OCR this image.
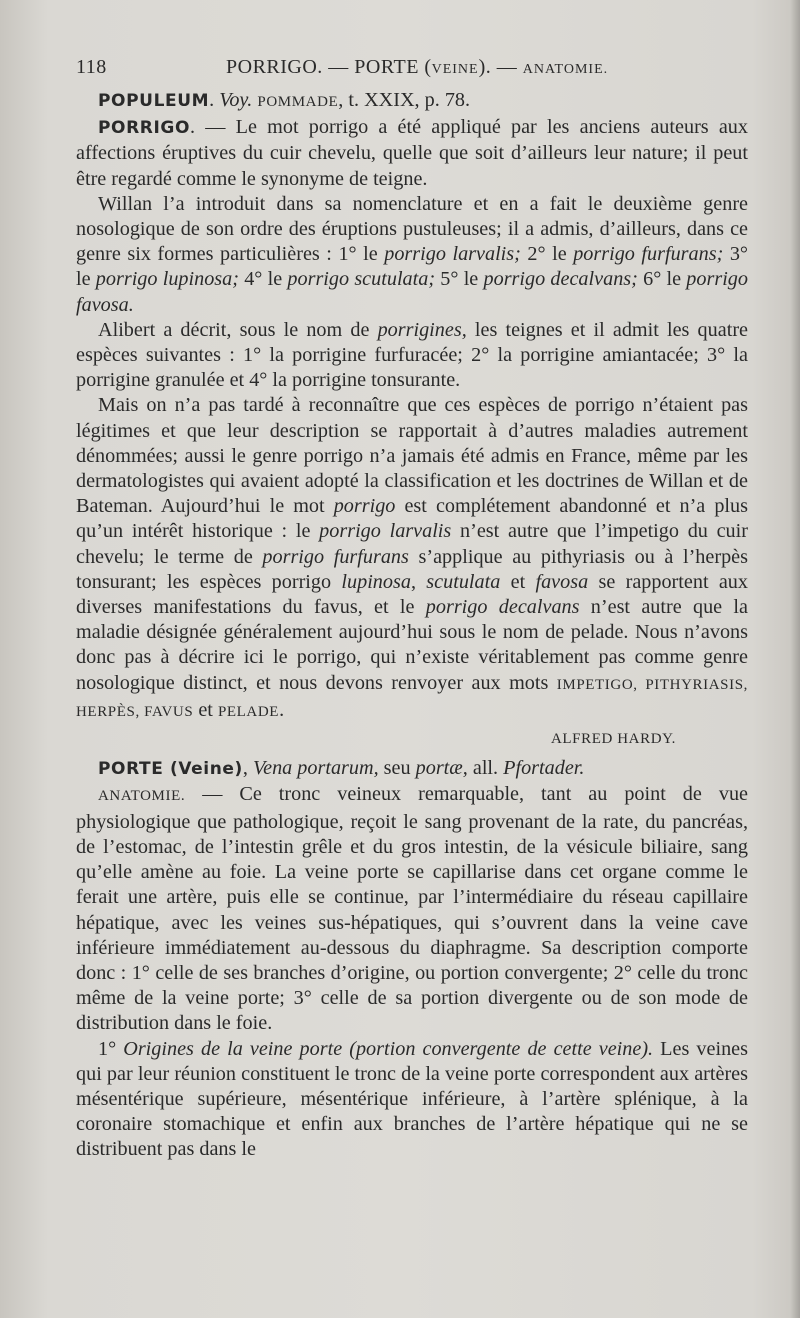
118	PORRIGO. — PORTE (VEINE). — ANATOMIE.

POPULEUM. Voy. POMMADE, t. XXIX, p. 78.

PORRIGO. — Le mot porrigo a été appliqué par les anciens auteurs aux affections éruptives du cuir chevelu, quelle que soit d’ailleurs leur nature; il peut être regardé comme le synonyme de teigne.

Willan l’a introduit dans sa nomenclature et en a fait le deuxième genre nosologique de son ordre des éruptions pustuleuses; il a admis, d’ailleurs, dans ce genre six formes particulières : 1° le porrigo larvalis; 2° le porrigo furfurans; 3° le porrigo lupinosa; 4° le porrigo scutulata; 5° le porrigo decalvans; 6° le porrigo favosa.

Alibert a décrit, sous le nom de porrigines, les teignes et il admit les quatre espèces suivantes : 1° la porrigine furfuracée; 2° la porrigine amiantacée; 3° la porrigine granulée et 4° la porrigine tonsurante.

Mais on n’a pas tardé à reconnaître que ces espèces de porrigo n’étaient pas légitimes et que leur description se rapportait à d’autres maladies autrement dénommées; aussi le genre porrigo n’a jamais été admis en France, même par les dermatologistes qui avaient adopté la classification et les doctrines de Willan et de Bateman. Aujourd’hui le mot porrigo est complétement abandonné et n’a plus qu’un intérêt historique : le porrigo larvalis n’est autre que l’impetigo du cuir chevelu; le terme de porrigo furfurans s’applique au pithyriasis ou à l’herpès tonsurant; les espèces porrigo lupinosa, scutulata et favosa se rapportent aux diverses manifestations du favus, et le porrigo decalvans n’est autre que la maladie désignée généralement aujourd’hui sous le nom de pelade. Nous n’avons donc pas à décrire ici le porrigo, qui n’existe véritablement pas comme genre nosologique distinct, et nous devons renvoyer aux mots IMPETIGO, PITHYRIASIS, HERPÈS, FAVUS et PELADE.

ALFRED HARDY.

PORTE (Veine), Vena portarum, seu portæ, all. Pfortader.

ANATOMIE. — Ce tronc veineux remarquable, tant au point de vue physiologique que pathologique, reçoit le sang provenant de la rate, du pancréas, de l’estomac, de l’intestin grêle et du gros intestin, de la vésicule biliaire, sang qu’elle amène au foie. La veine porte se capillarise dans cet organe comme le ferait une artère, puis elle se continue, par l’intermédiaire du réseau capillaire hépatique, avec les veines sus-hépatiques, qui s’ouvrent dans la veine cave inférieure immédiatement au-dessous du diaphragme. Sa description comporte donc : 1° celle de ses branches d’origine, ou portion convergente; 2° celle du tronc même de la veine porte; 3° celle de sa portion divergente ou de son mode de distribution dans le foie.

1° Origines de la veine porte (portion convergente de cette veine). Les veines qui par leur réunion constituent le tronc de la veine porte correspondent aux artères mésentérique supérieure, mésentérique inférieure, à l’artère splénique, à la coronaire stomachique et enfin aux branches de l’artère hépatique qui ne se distribuent pas dans le
